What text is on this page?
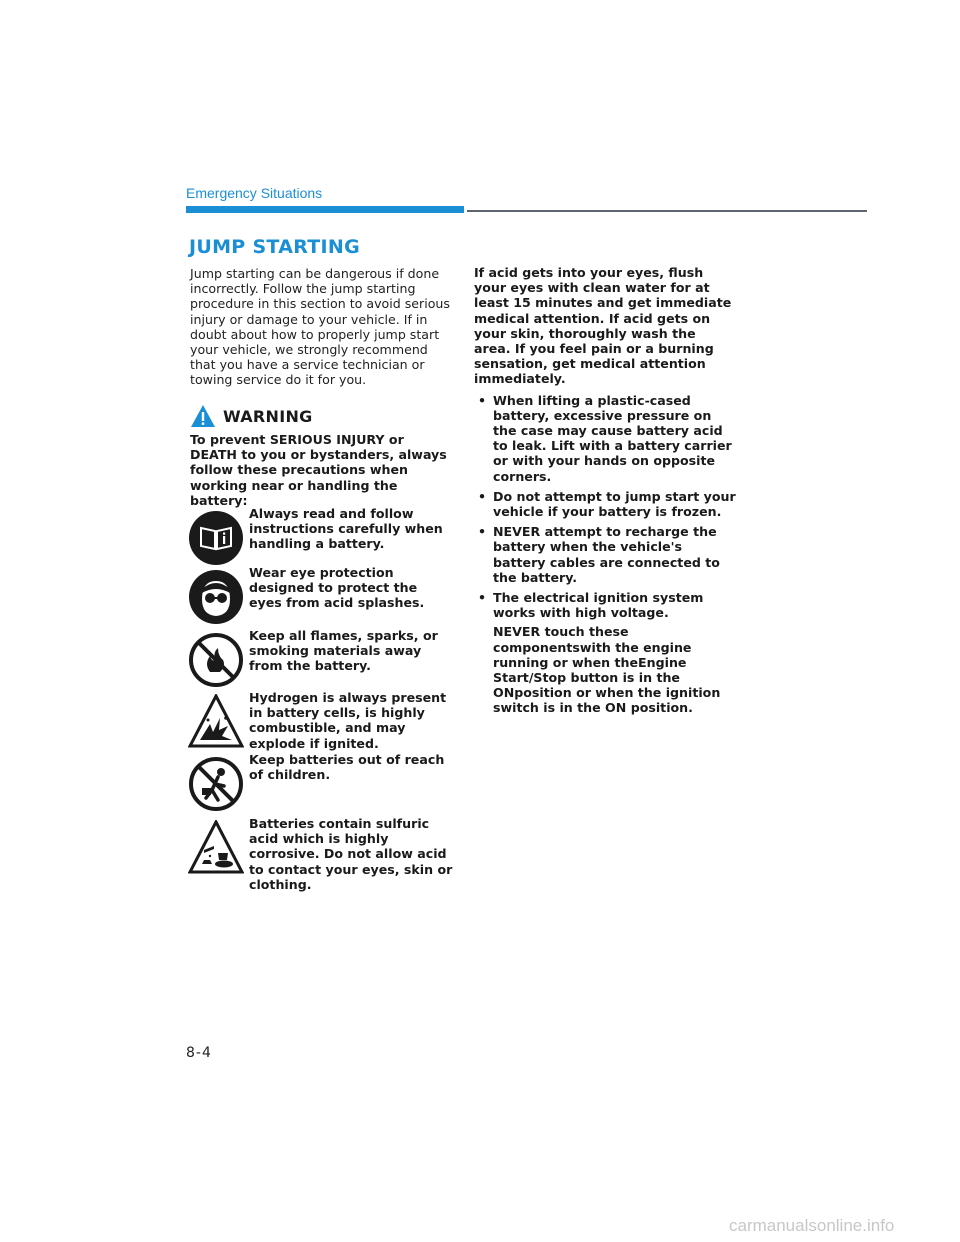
Emergency Situations
JUMP STARTING
Jump starting can be dangerous if done incorrectly. Follow the jump starting procedure in this section to avoid serious injury or damage to your vehicle. If in doubt about how to properly jump start your vehicle, we strongly recommend that you have a service technician or towing service do it for you.
WARNING
To prevent SERIOUS INJURY or DEATH to you or bystanders, always follow these precautions when working near or handling the battery:
Always read and follow instructions carefully when handling a battery.
Wear eye protection designed to protect the eyes from acid splashes.
Keep all flames, sparks, or smoking materials away from the battery.
Hydrogen is always present in battery cells, is highly combustible, and may explode if ignited.
Keep batteries out of reach of children.
Batteries contain sulfuric acid which is highly corrosive. Do not allow acid to contact your eyes, skin or clothing.

If acid gets into your eyes, flush your eyes with clean water for at least 15 minutes and get immediate medical attention. If acid gets on your skin, thoroughly wash the area. If you feel pain or a burning sensation, get medical attention immediately.

• When lifting a plastic-cased battery, excessive pressure on the case may cause battery acid to leak. Lift with a battery carrier or with your hands on opposite corners.
• Do not attempt to jump start your vehicle if your battery is frozen.
• NEVER attempt to recharge the battery when the vehicle's battery cables are connected to the battery.
• The electrical ignition system works with high voltage.
NEVER touch these componentswith the engine running or when theEngine Start/Stop button is in the ONposition or when the ignition switch is in the ON position.
8-4
carmanualsonline.info
